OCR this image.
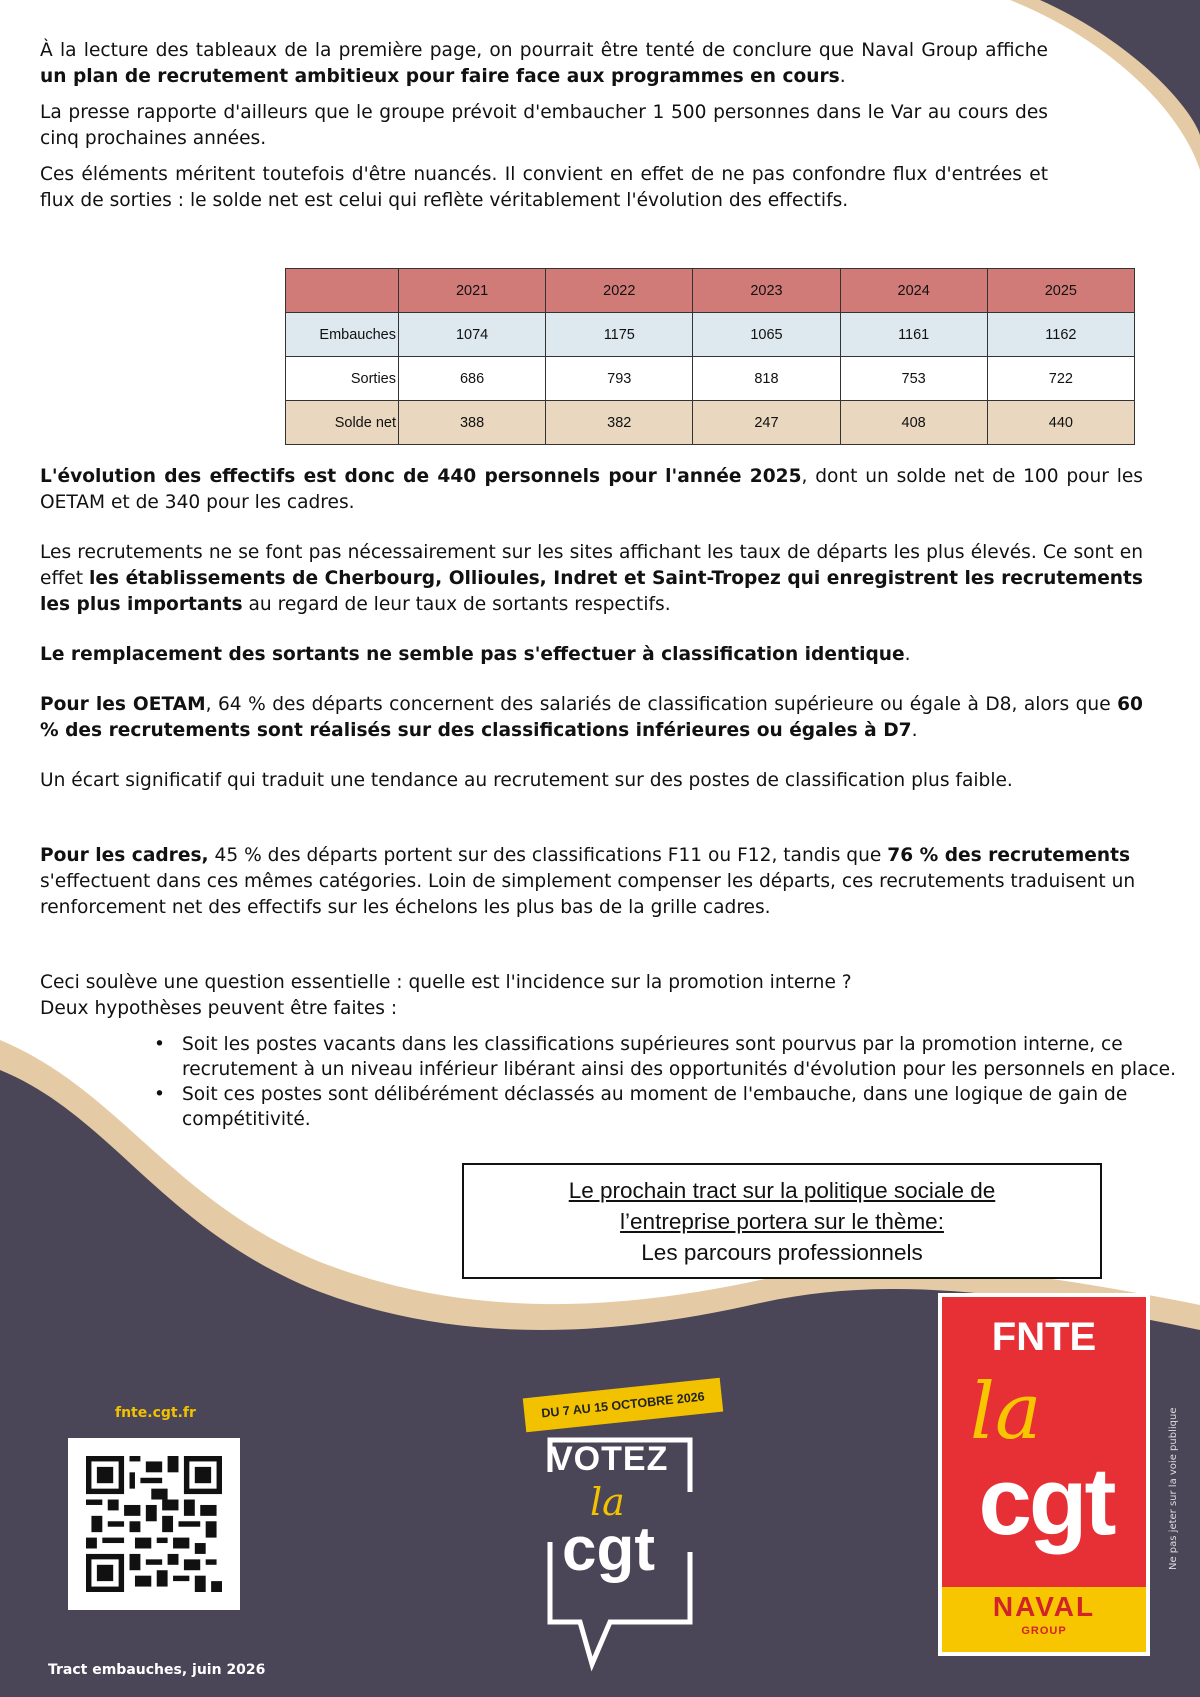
À la lecture des tableaux de la première page, on pourrait être tenté de conclure que Naval Group affiche un plan de recrutement ambitieux pour faire face aux programmes en cours.

La presse rapporte d'ailleurs que le groupe prévoit d'embaucher 1 500 personnes dans le Var au cours des cinq prochaines années.

Ces éléments méritent toutefois d'être nuancés. Il convient en effet de ne pas confondre flux d'entrées et flux de sorties : le solde net est celui qui reflète véritablement l'évolution des effectifs.

	2021	2022	2023	2024	2025
Embauches	1074	1175	1065	1161	1162
Sorties	686	793	818	753	722
Solde net	388	382	247	408	440

L'évolution des effectifs est donc de 440 personnels pour l'année 2025, dont un solde net de 100 pour les OETAM et de 340 pour les cadres.

Les recrutements ne se font pas nécessairement sur les sites affichant les taux de départs les plus élevés. Ce sont en effet les établissements de Cherbourg, Ollioules, Indret et Saint-Tropez qui enregistrent les recrutements les plus importants au regard de leur taux de sortants respectifs.

Le remplacement des sortants ne semble pas s'effectuer à classification identique.

Pour les OETAM, 64 % des départs concernent des salariés de classification supérieure ou égale à D8, alors que 60 % des recrutements sont réalisés sur des classifications inférieures ou égales à D7.

Un écart significatif qui traduit une tendance au recrutement sur des postes de classification plus faible.

Pour les cadres, 45 % des départs portent sur des classifications F11 ou F12, tandis que 76 % des recrutements s'effectuent dans ces mêmes catégories. Loin de simplement compenser les départs, ces recrutements traduisent un renforcement net des effectifs sur les échelons les plus bas de la grille cadres.

Ceci soulève une question essentielle : quelle est l'incidence sur la promotion interne ?

Deux hypothèses peuvent être faites :

• Soit les postes vacants dans les classifications supérieures sont pourvus par la promotion interne, ce recrutement à un niveau inférieur libérant ainsi des opportunités d'évolution pour les personnels en place.
• Soit ces postes sont délibérément déclassés au moment de l'embauche, dans une logique de gain de compétitivité.
Le prochain tract sur la politique sociale de
l’entreprise portera sur le thème:
Les parcours professionnels
fnte.cgt.fr	DU 7 AU 15 OCTOBRE 2026
VOTEZ
la
cgt
FNTE
la
cgt
NAVAL
GROUP
Ne pas jeter sur la voie publique
Tract embauches, juin 2026
